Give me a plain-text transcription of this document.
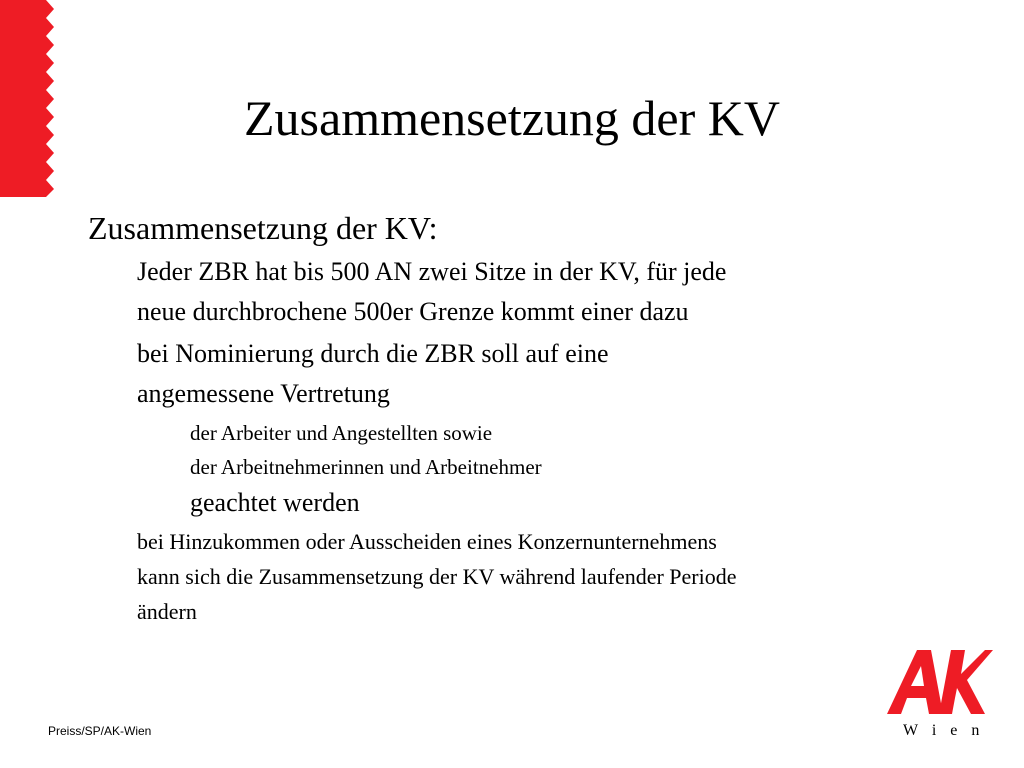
Zusammensetzung der KV
Zusammensetzung der KV:
Jeder ZBR hat bis 500 AN zwei Sitze in der KV, für jede
neue durchbrochene 500er Grenze kommt einer dazu
bei Nominierung durch die ZBR soll auf eine
angemessene Vertretung
der Arbeiter und Angestellten sowie
der Arbeitnehmerinnen und Arbeitnehmer
geachtet werden
bei Hinzukommen oder Ausscheiden eines Konzernunternehmens
kann sich die Zusammensetzung der KV während laufender Periode
ändern
Preiss/SP/AK-Wien	W i e n
